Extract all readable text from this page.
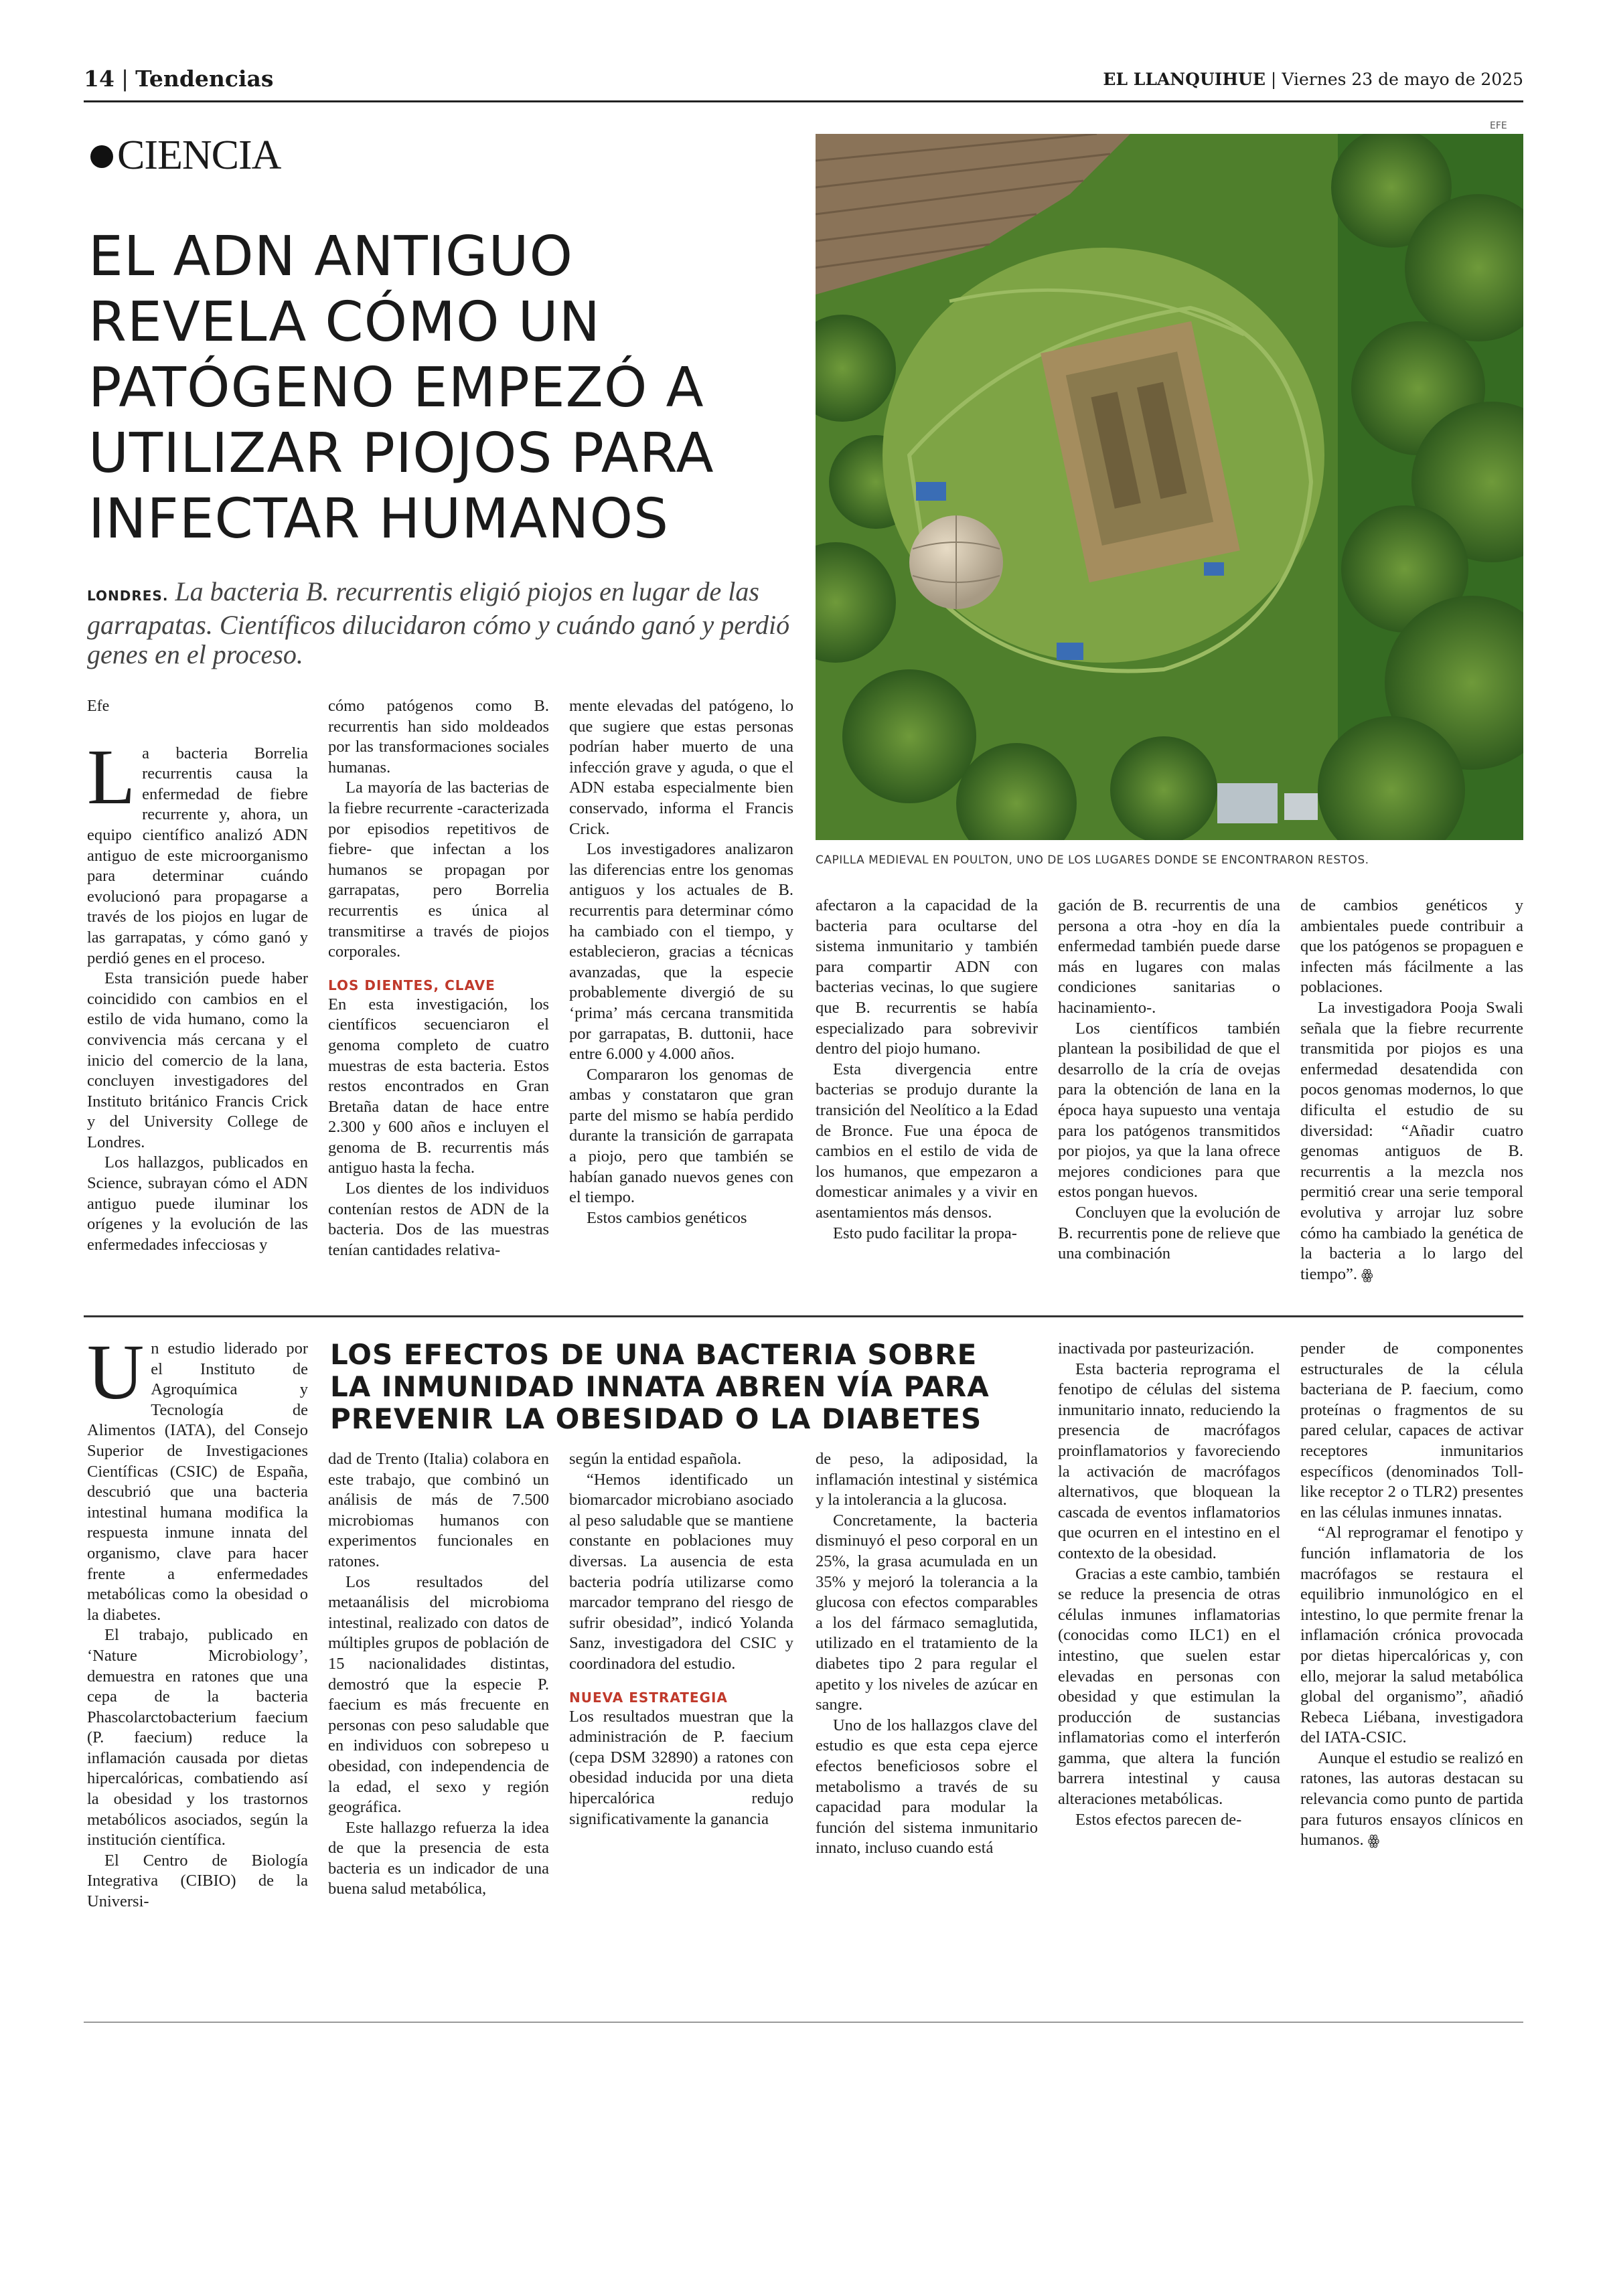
14 | Tendencias	EL LLANQUIHUE | Viernes 23 de mayo de 2025
CIENCIA
EL ADN ANTIGUO
REVELA CÓMO UN
PATÓGENO EMPEZÓ A
UTILIZAR PIOJOS PARA
INFECTAR HUMANOS
LONDRES. La bacteria B. recurrentis eligió piojos en lugar de las garrapatas. Científicos dilucidaron cómo y cuándo ganó y perdió genes en el proceso.
EFE
CAPILLA MEDIEVAL EN POULTON, UNO DE LOS LUGARES DONDE SE ENCONTRARON RESTOS.
Efe

La bacteria Borrelia recurrentis causa la enfermedad de fiebre recurrente y, ahora, un equipo científico analizó ADN antiguo de este microorganismo para determinar cuándo evolucionó para propagarse a través de los piojos en lugar de las garrapatas, y cómo ganó y perdió genes en el proceso.

Esta transición puede haber coincidido con cambios en el estilo de vida humano, como la convivencia más cercana y el inicio del comercio de la lana, concluyen investigadores del Instituto británico Francis Crick y del University College de Londres.

Los hallazgos, publicados en Science, subrayan cómo el ADN antiguo puede iluminar los orígenes y la evolución de las enfermedades infecciosas y

cómo patógenos como B. recurrentis han sido moldeados por las transformaciones sociales humanas.

La mayoría de las bacterias de la fiebre recurrente -caracterizada por episodios repetitivos de fiebre- que infectan a los humanos se propagan por garrapatas, pero Borrelia recurrentis es única al transmitirse a través de piojos corporales.

LOS DIENTES, CLAVE

En esta investigación, los científicos secuenciaron el genoma completo de cuatro muestras de esta bacteria. Estos restos encontrados en Gran Bretaña datan de hace entre 2.300 y 600 años e incluyen el genoma de B. recurrentis más antiguo hasta la fecha.

Los dientes de los individuos contenían restos de ADN de la bacteria. Dos de las muestras tenían cantidades relativa-

mente elevadas del patógeno, lo que sugiere que estas personas podrían haber muerto de una infección grave y aguda, o que el ADN estaba especialmente bien conservado, informa el Francis Crick.

Los investigadores analizaron las diferencias entre los genomas antiguos y los actuales de B. recurrentis para determinar cómo ha cambiado con el tiempo, y establecieron, gracias a técnicas avanzadas, que la especie probablemente divergió de su ‘prima’ más cercana transmitida por garrapatas, B. duttonii, hace entre 6.000 y 4.000 años.

Compararon los genomas de ambas y constataron que gran parte del mismo se había perdido durante la transición de garrapata a piojo, pero que también se habían ganado nuevos genes con el tiempo.

Estos cambios genéticos

afectaron a la capacidad de la bacteria para ocultarse del sistema inmunitario y también para compartir ADN con bacterias vecinas, lo que sugiere que B. recurrentis se había especializado para sobrevivir dentro del piojo humano.

Esta divergencia entre bacterias se produjo durante la transición del Neolítico a la Edad de Bronce. Fue una época de cambios en el estilo de vida de los humanos, que empezaron a domesticar animales y a vivir en asentamientos más densos.

Esto pudo facilitar la propa-

gación de B. recurrentis de una persona a otra -hoy en día la enfermedad también puede darse más en lugares con malas condiciones sanitarias o hacinamiento-.

Los científicos también plantean la posibilidad de que el desarrollo de la cría de ovejas para la obtención de lana en la época haya supuesto una ventaja para los patógenos transmitidos por piojos, ya que la lana ofrece mejores condiciones para que estos pongan huevos.

Concluyen que la evolución de B. recurrentis pone de relieve que una combinación

de cambios genéticos y ambientales puede contribuir a que los patógenos se propaguen e infecten más fácilmente a las poblaciones.

La investigadora Pooja Swali señala que la fiebre recurrente transmitida por piojos es una enfermedad desatendida con pocos genomas modernos, lo que dificulta el estudio de su diversidad: “Añadir cuatro genomas antiguos de B. recurrentis a la mezcla nos permitió crear una serie temporal evolutiva y arrojar luz sobre cómo ha cambiado la genética de la bacteria a lo largo del tiempo”. ꙮ

LOS EFECTOS DE UNA BACTERIA SOBRE
LA INMUNIDAD INNATA ABREN VÍA PARA
PREVENIR LA OBESIDAD O LA DIABETES

Un estudio liderado por el Instituto de Agroquímica y Tecnología de Alimentos (IATA), del Consejo Superior de Investigaciones Científicas (CSIC) de España, descubrió que una bacteria intestinal humana modifica la respuesta inmune innata del organismo, clave para hacer frente a enfermedades metabólicas como la obesidad o la diabetes.

El trabajo, publicado en ‘Nature Microbiology’, demuestra en ratones que una cepa de la bacteria Phascolarctobacterium faecium (P. faecium) reduce la inflamación causada por dietas hipercalóricas, combatiendo así la obesidad y los trastornos metabólicos asociados, según la institución científica.

El Centro de Biología Integrativa (CIBIO) de la Universi-

dad de Trento (Italia) colabora en este trabajo, que combinó un análisis de más de 7.500 microbiomas humanos con experimentos funcionales en ratones.

Los resultados del metaanálisis del microbioma intestinal, realizado con datos de múltiples grupos de población de 15 nacionalidades distintas, demostró que la especie P. faecium es más frecuente en personas con peso saludable que en individuos con sobrepeso u obesidad, con independencia de la edad, el sexo y región geográfica.

Este hallazgo refuerza la idea de que la presencia de esta bacteria es un indicador de una buena salud metabólica,

según la entidad española.

“Hemos identificado un biomarcador microbiano asociado al peso saludable que se mantiene constante en poblaciones muy diversas. La ausencia de esta bacteria podría utilizarse como marcador temprano del riesgo de sufrir obesidad”, indicó Yolanda Sanz, investigadora del CSIC y coordinadora del estudio.

NUEVA ESTRATEGIA

Los resultados muestran que la administración de P. faecium (cepa DSM 32890) a ratones con obesidad inducida por una dieta hipercalórica redujo significativamente la ganancia

de peso, la adiposidad, la inflamación intestinal y sistémica y la intolerancia a la glucosa.

Concretamente, la bacteria disminuyó el peso corporal en un 25%, la grasa acumulada en un 35% y mejoró la tolerancia a la glucosa con efectos comparables a los del fármaco semaglutida, utilizado en el tratamiento de la diabetes tipo 2 para regular el apetito y los niveles de azúcar en sangre.

Uno de los hallazgos clave del estudio es que esta cepa ejerce efectos beneficiosos sobre el metabolismo a través de su capacidad para modular la función del sistema inmunitario innato, incluso cuando está

inactivada por pasteurización.

Esta bacteria reprograma el fenotipo de células del sistema inmunitario innato, reduciendo la presencia de macrófagos proinflamatorios y favoreciendo la activación de macrófagos alternativos, que bloquean la cascada de eventos inflamatorios que ocurren en el intestino en el contexto de la obesidad.

Gracias a este cambio, también se reduce la presencia de otras células inmunes inflamatorias (conocidas como ILC1) en el intestino, que suelen estar elevadas en personas con obesidad y que estimulan la producción de sustancias inflamatorias como el interferón gamma, que altera la función barrera intestinal y causa alteraciones metabólicas.

Estos efectos parecen de-

pender de componentes estructurales de la célula bacteriana de P. faecium, como proteínas o fragmentos de su pared celular, capaces de activar receptores inmunitarios específicos (denominados Toll-like receptor 2 o TLR2) presentes en las células inmunes innatas.

“Al reprogramar el fenotipo y función inflamatoria de los macrófagos se restaura el equilibrio inmunológico en el intestino, lo que permite frenar la inflamación crónica provocada por dietas hipercalóricas y, con ello, mejorar la salud metabólica global del organismo”, añadió Rebeca Liébana, investigadora del IATA-CSIC.

Aunque el estudio se realizó en ratones, las autoras destacan su relevancia como punto de partida para futuros ensayos clínicos en humanos. ꙮ
